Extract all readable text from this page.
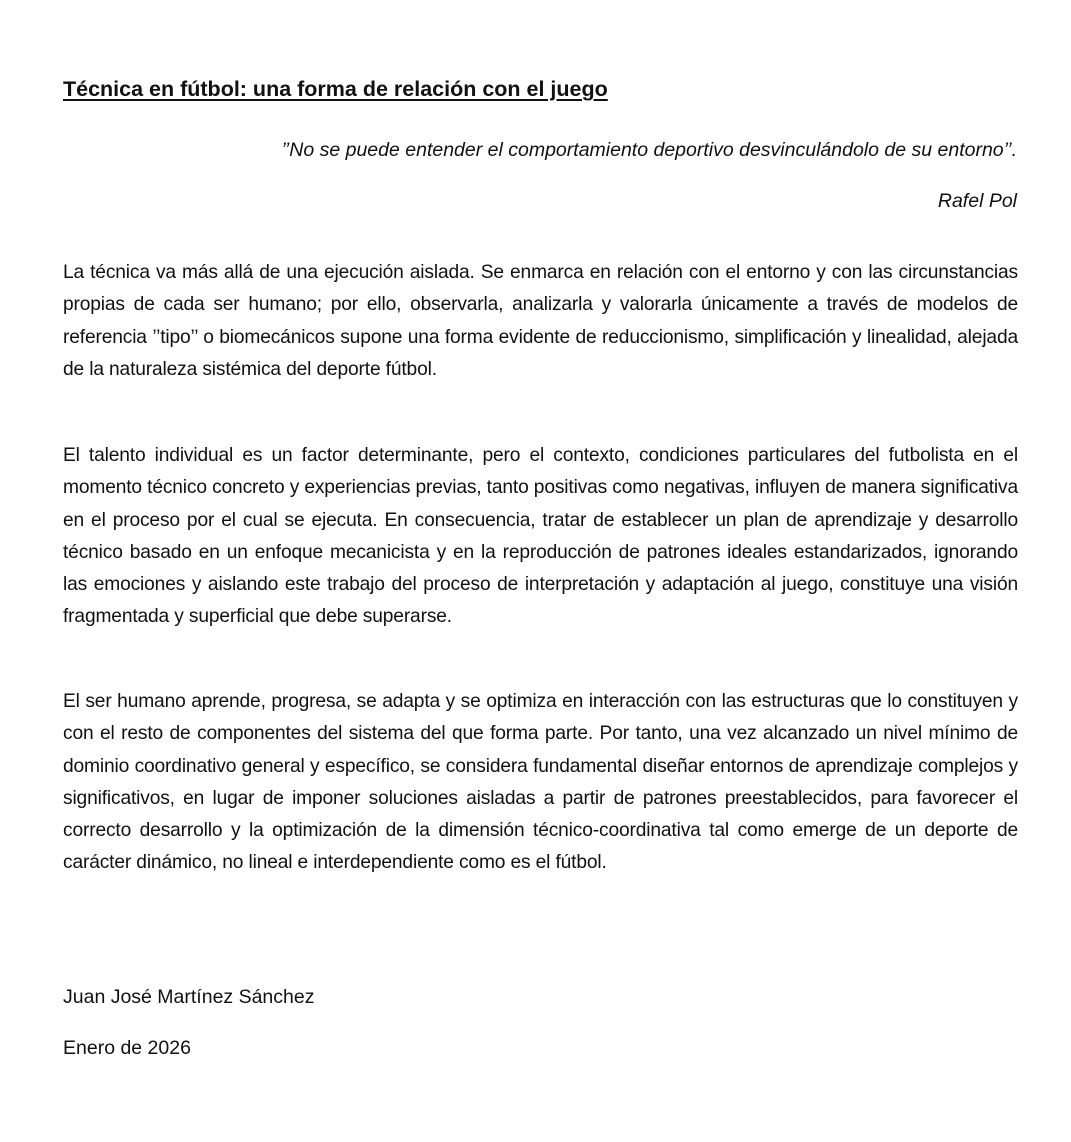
Técnica en fútbol: una forma de relación con el juego

’’No se puede entender el comportamiento deportivo desvinculándolo de su entorno’’.

Rafel Pol

La técnica va más allá de una ejecución aislada. Se enmarca en relación con el entorno y con las circunstancias propias de cada ser humano; por ello, observarla, analizarla y valorarla únicamente a través de modelos de referencia ’’tipo’’ o biomecánicos supone una forma evidente de reduccionismo, simplificación y linealidad, alejada de la naturaleza sistémica del deporte fútbol.

El talento individual es un factor determinante, pero el contexto, condiciones particulares del futbolista en el momento técnico concreto y experiencias previas, tanto positivas como negativas, influyen de manera significativa en el proceso por el cual se ejecuta. En consecuencia, tratar de establecer un plan de aprendizaje y desarrollo técnico basado en un enfoque mecanicista y en la reproducción de patrones ideales estandarizados, ignorando las emociones y aislando este trabajo del proceso de interpretación y adaptación al juego, constituye una visión fragmentada y superficial que debe superarse.

El ser humano aprende, progresa, se adapta y se optimiza en interacción con las estructuras que lo constituyen y con el resto de componentes del sistema del que forma parte. Por tanto, una vez alcanzado un nivel mínimo de dominio coordinativo general y específico, se considera fundamental diseñar entornos de aprendizaje complejos y significativos, en lugar de imponer soluciones aisladas a partir de patrones preestablecidos, para favorecer el correcto desarrollo y la optimización de la dimensión técnico-coordinativa tal como emerge de un deporte de carácter dinámico, no lineal e interdependiente como es el fútbol.

Juan José Martínez Sánchez

Enero de 2026
